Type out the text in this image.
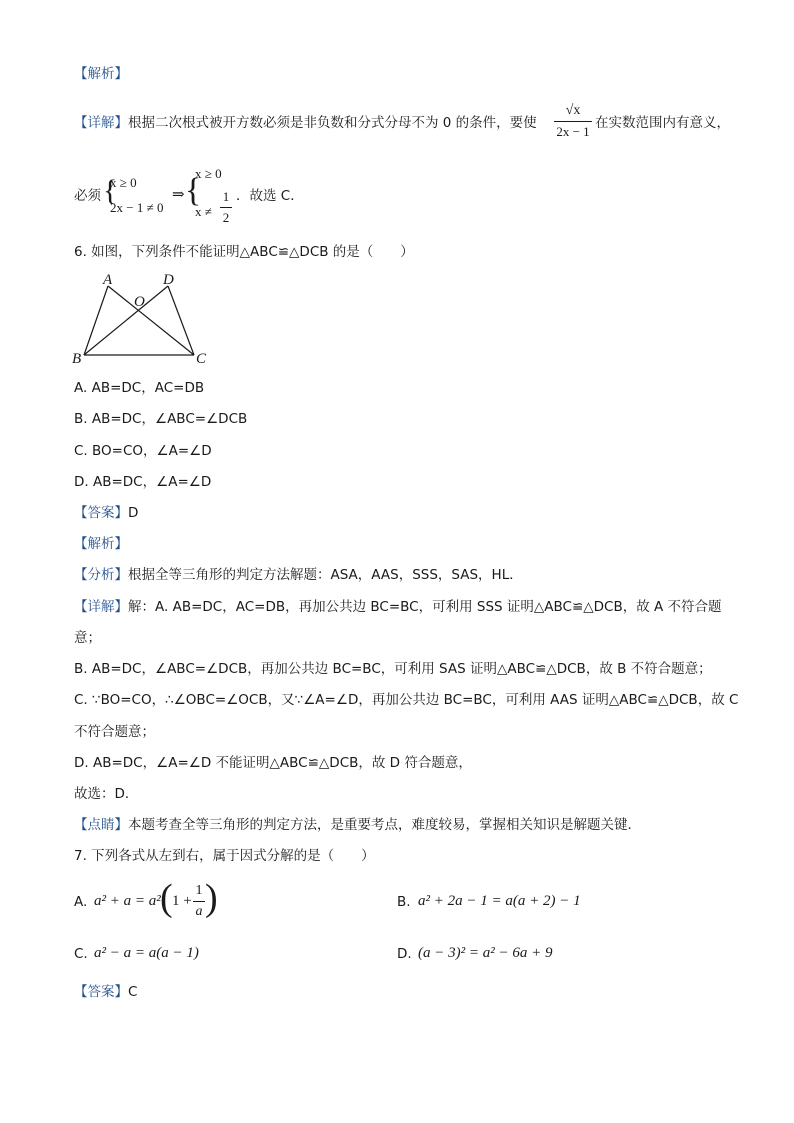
【解析】
【详解】根据二次根式被开方数必须是非负数和分式分母不为 0 的条件，要使
√x
2x − 1
在实数范围内有意义，
必须 {
x ≥ 0
2x − 1 ≠ 0
⇒ {
x ≥ 0
x ≠
1
2
．故选 C．
6. 如图，下列条件不能证明△ABC≌△DCB 的是（　　）
A	D
O
B	C
A. AB=DC，AC=DB
B. AB=DC，∠ABC=∠DCB
C. BO=CO，∠A=∠D
D. AB=DC，∠A=∠D
【答案】D
【解析】
【分析】根据全等三角形的判定方法解题：ASA，AAS，SSS，SAS，HL．
【详解】解：A. AB=DC，AC=DB，再加公共边 BC=BC，可利用 SSS 证明△ABC≌△DCB，故 A 不符合题
意；
B. AB=DC，∠ABC=∠DCB，再加公共边 BC=BC，可利用 SAS 证明△ABC≌△DCB，故 B 不符合题意；
C. ∵BO=CO，∴∠OBC=∠OCB，又∵∠A=∠D，再加公共边 BC=BC，可利用 AAS 证明△ABC≌△DCB，故 C
不符合题意；
D. AB=DC，∠A=∠D 不能证明△ABC≌△DCB，故 D 符合题意，
故选：D．
【点睛】本题考查全等三角形的判定方法，是重要考点，难度较易，掌握相关知识是解题关键．
7. 下列各式从左到右，属于因式分解的是（　　）
A. a² + a = a² ( 1 +
1
a )	B. a² + 2a − 1 = a(a + 2) − 1
C. a² − a = a(a − 1)	D. (a − 3)² = a² − 6a + 9
【答案】C
